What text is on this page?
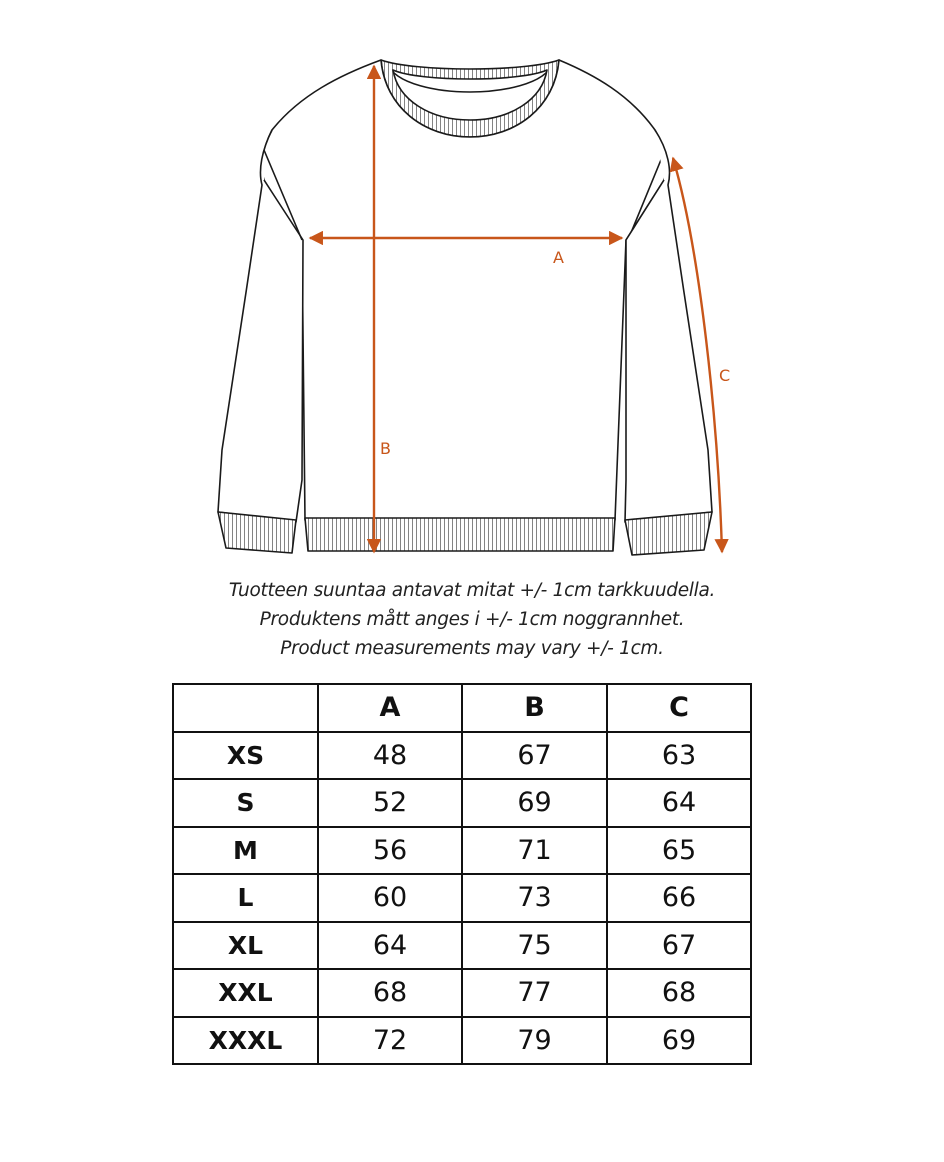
A
B
C
Tuotteen suuntaa antavat mitat +/- 1cm tarkkuudella.
Produktens mått anges i +/- 1cm noggrannhet.
Product measurements may vary +/- 1cm.
	A	B	C
XS	48	67	63
S	52	69	64
M	56	71	65
L	60	73	66
XL	64	75	67
XXL	68	77	68
XXXL	72	79	69
